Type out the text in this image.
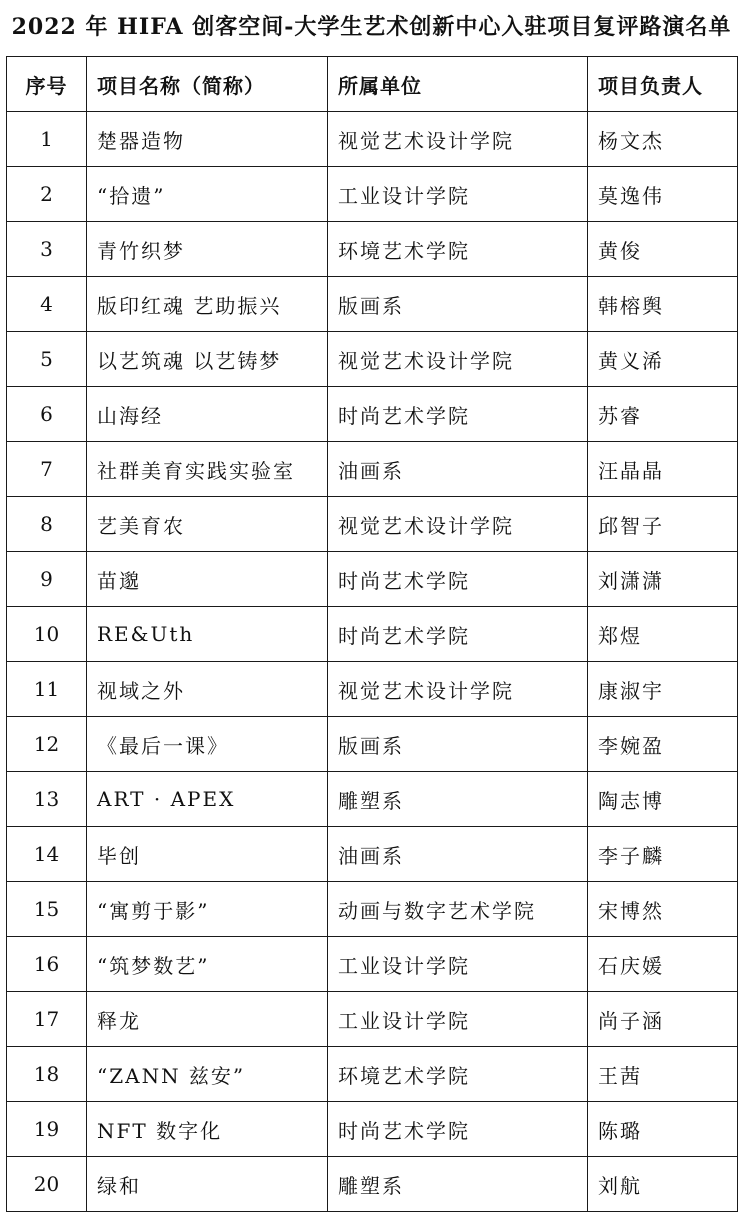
2022 年 HIFA 创客空间-大学生艺术创新中心入驻项目复评路演名单
序号	项目名称（简称）	所属单位	项目负责人
1	楚器造物	视觉艺术设计学院	杨文杰
2	“拾遗”	工业设计学院	莫逸伟
3	青竹织梦	环境艺术学院	黄俊
4	版印红魂 艺助振兴	版画系	韩榕舆
5	以艺筑魂 以艺铸梦	视觉艺术设计学院	黄义浠
6	山海经	时尚艺术学院	苏睿
7	社群美育实践实验室	油画系	汪晶晶
8	艺美育农	视觉艺术设计学院	邱智子
9	苗邈	时尚艺术学院	刘潇潇
10	RE&Uth	时尚艺术学院	郑煜
11	视域之外	视觉艺术设计学院	康淑宇
12	《最后一课》	版画系	李婉盈
13	ART · APEX	雕塑系	陶志博
14	毕创	油画系	李子麟
15	“寓剪于影”	动画与数字艺术学院	宋博然
16	“筑梦数艺”	工业设计学院	石庆媛
17	释龙	工业设计学院	尚子涵
18	“ZANN 兹安”	环境艺术学院	王茜
19	NFT 数字化	时尚艺术学院	陈璐
20	绿和	雕塑系	刘航
